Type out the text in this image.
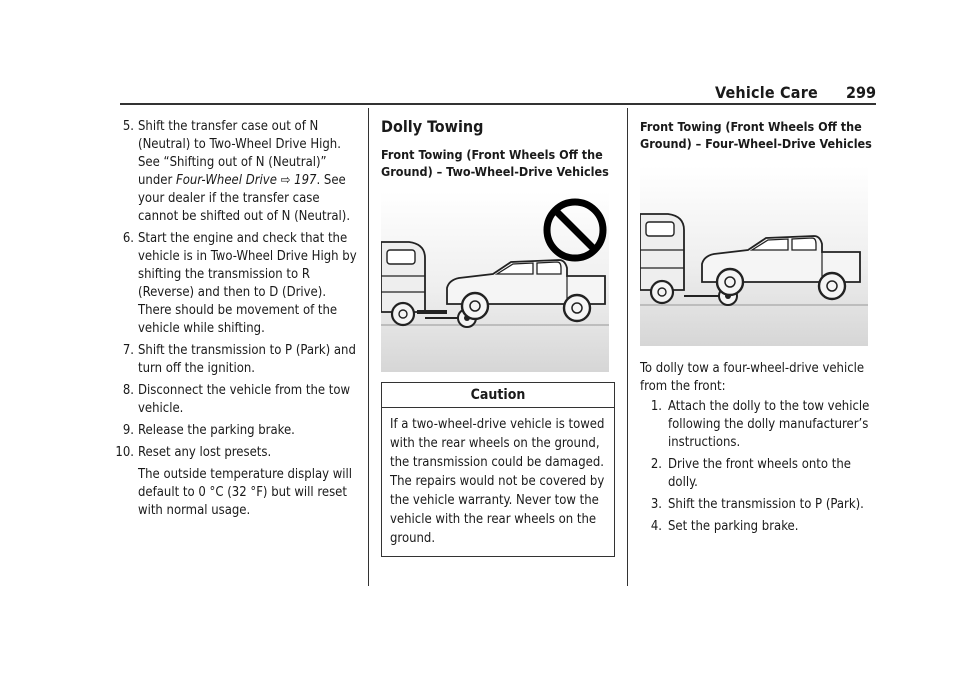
Vehicle Care 299
5. Shift the transfer case out of N (Neutral) to Two-Wheel Drive High. See “Shifting out of N (Neutral)” under Four-Wheel Drive ⇨ 197. See your dealer if the transfer case cannot be shifted out of N (Neutral).
6. Start the engine and check that the vehicle is in Two-Wheel Drive High by shifting the transmission to R (Reverse) and then to D (Drive). There should be movement of the vehicle while shifting.
7. Shift the transmission to P (Park) and turn off the ignition.
8. Disconnect the vehicle from the tow vehicle.
9. Release the parking brake.
10. Reset any lost presets.

The outside temperature display will default to 0 °C (32 °F) but will reset with normal usage.

Dolly Towing
Front Towing (Front Wheels Off the Ground) – Two-Wheel-Drive Vehicles
Caution
If a two-wheel-drive vehicle is towed with the rear wheels on the ground, the transmission could be damaged. The repairs would not be covered by the vehicle warranty. Never tow the vehicle with the rear wheels on the ground.
Front Towing (Front Wheels Off the Ground) – Four-Wheel-Drive Vehicles

To dolly tow a four-wheel-drive vehicle from the front:

1. Attach the dolly to the tow vehicle following the dolly manufacturer’s instructions.
2. Drive the front wheels onto the dolly.
3. Shift the transmission to P (Park).
4. Set the parking brake.
